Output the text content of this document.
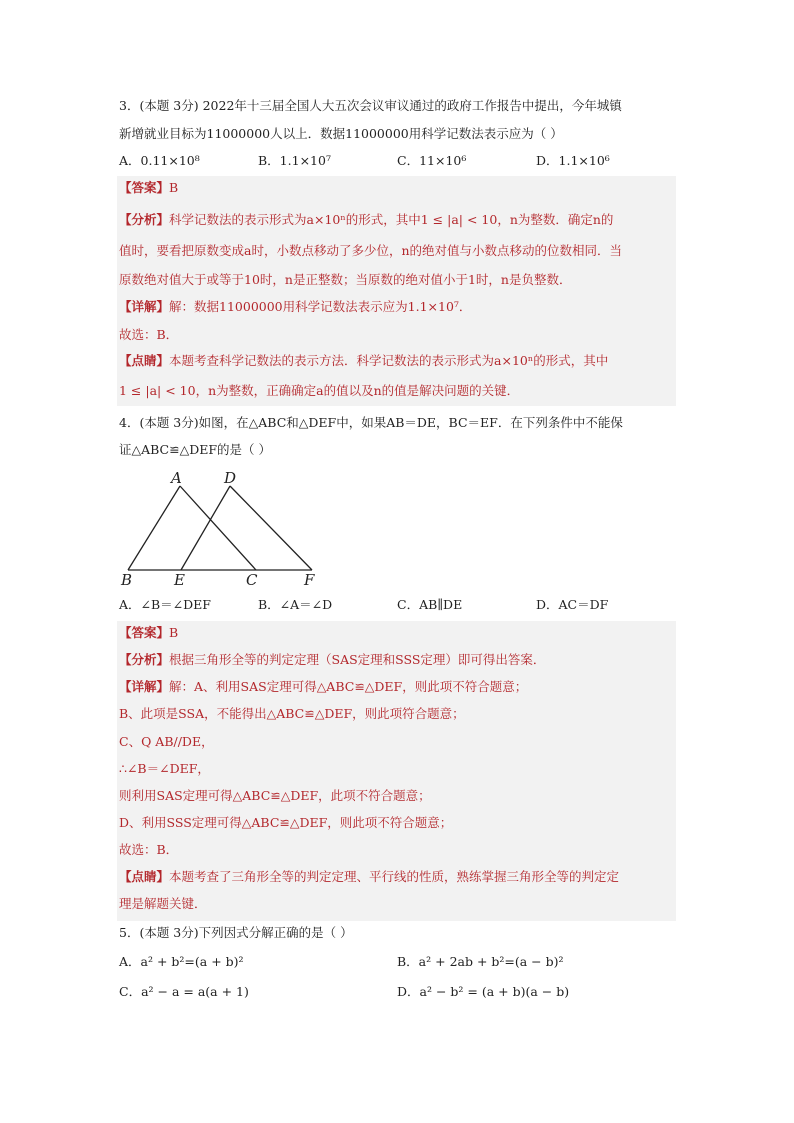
3．(本题 3分) 2022年十三届全国人大五次会议审议通过的政府工作报告中提出，今年城镇
新增就业目标为11000000人以上．数据11000000用科学记数法表示应为（ ）
A．0.11×10⁸	B．1.1×10⁷	C．11×10⁶	D．1.1×10⁶
【答案】B
【分析】科学记数法的表示形式为a×10ⁿ的形式，其中1 ≤ |a| < 10，n为整数．确定n的
值时，要看把原数变成a时，小数点移动了多少位，n的绝对值与小数点移动的位数相同．当
原数绝对值大于或等于10时，n是正整数；当原数的绝对值小于1时，n是负整数．
【详解】解：数据11000000用科学记数法表示应为1.1×10⁷．
故选：B．
【点睛】本题考查科学记数法的表示方法．科学记数法的表示形式为a×10ⁿ的形式，其中
1 ≤ |a| < 10，n为整数，正确确定a的值以及n的值是解决问题的关键．
4．(本题 3分)如图，在△ABC和△DEF中，如果AB＝DE，BC＝EF．在下列条件中不能保
证△ABC≌△DEF的是（ ）
A	D
B	E	C	F
A．∠B＝∠DEF	B．∠A＝∠D	C．AB∥DE	D．AC＝DF
【答案】B
【分析】根据三角形全等的判定定理（SAS定理和SSS定理）即可得出答案．
【详解】解：A、利用SAS定理可得△ABC≌△DEF，则此项不符合题意；
B、此项是SSA，不能得出△ABC≌△DEF，则此项符合题意；
C、Q AB//DE，
∴∠B＝∠DEF，
则利用SAS定理可得△ABC≌△DEF，此项不符合题意；
D、利用SSS定理可得△ABC≌△DEF，则此项不符合题意；
故选：B．
【点睛】本题考查了三角形全等的判定定理、平行线的性质，熟练掌握三角形全等的判定定
理是解题关键．
5．(本题 3分)下列因式分解正确的是（ ）
A．a² + b²=(a + b)²	B．a² + 2ab + b²=(a − b)²
C．a² − a = a(a + 1)	D．a² − b² = (a + b)(a − b)
